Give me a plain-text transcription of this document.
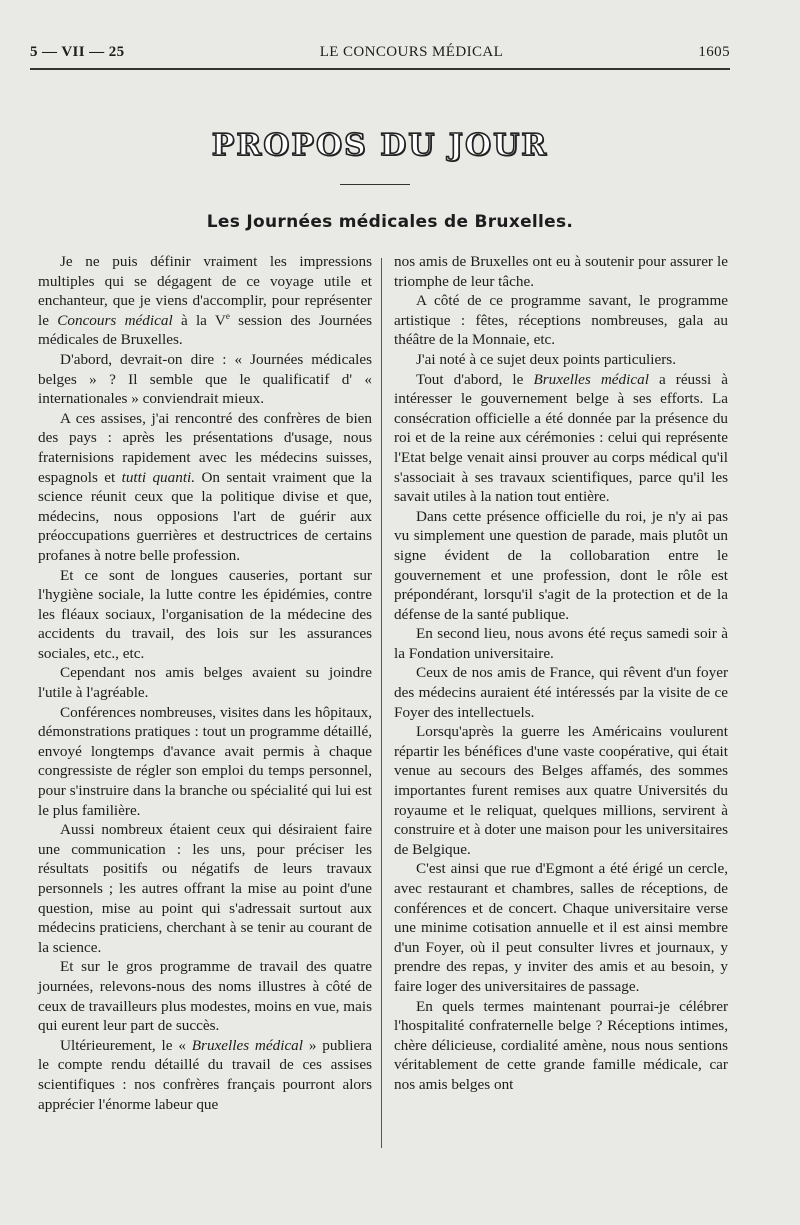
5 — VII — 25	LE CONCOURS MÉDICAL	1605
PROPOS DU JOUR
Les Journées médicales de Bruxelles.

Je ne puis définir vraiment les impressions multiples qui se dégagent de ce voyage utile et enchanteur, que je viens d'accomplir, pour représenter le Concours médical à la Ve session des Journées médicales de Bruxelles.

D'abord, devrait-on dire : « Journées médicales belges » ? Il semble que le qualificatif d' « internationales » conviendrait mieux.

A ces assises, j'ai rencontré des confrères de bien des pays : après les présentations d'usage, nous fraternisions rapidement avec les médecins suisses, espagnols et tutti quanti. On sentait vraiment que la science réunit ceux que la politique divise et que, médecins, nous opposions l'art de guérir aux préoccupations guerrières et destructrices de certains profanes à notre belle profession.

Et ce sont de longues causeries, portant sur l'hygiène sociale, la lutte contre les épidémies, contre les fléaux sociaux, l'organisation de la médecine des accidents du travail, des lois sur les assurances sociales, etc., etc.

Cependant nos amis belges avaient su joindre l'utile à l'agréable.

Conférences nombreuses, visites dans les hôpitaux, démonstrations pratiques : tout un programme détaillé, envoyé longtemps d'avance avait permis à chaque congressiste de régler son emploi du temps personnel, pour s'instruire dans la branche ou spécialité qui lui est le plus familière.

Aussi nombreux étaient ceux qui désiraient faire une communication : les uns, pour préciser les résultats positifs ou négatifs de leurs travaux personnels ; les autres offrant la mise au point d'une question, mise au point qui s'adressait surtout aux médecins praticiens, cherchant à se tenir au courant de la science.

Et sur le gros programme de travail des quatre journées, relevons-nous des noms illustres à côté de ceux de travailleurs plus modestes, moins en vue, mais qui eurent leur part de succès.

Ultérieurement, le « Bruxelles médical » publiera le compte rendu détaillé du travail de ces assises scientifiques : nos confrères français pourront alors apprécier l'énorme labeur que

nos amis de Bruxelles ont eu à soutenir pour assurer le triomphe de leur tâche.

A côté de ce programme savant, le programme artistique : fêtes, réceptions nombreuses, gala au théâtre de la Monnaie, etc.

J'ai noté à ce sujet deux points particuliers.

Tout d'abord, le Bruxelles médical a réussi à intéresser le gouvernement belge à ses efforts. La consécration officielle a été donnée par la présence du roi et de la reine aux cérémonies : celui qui représente l'Etat belge venait ainsi prouver au corps médical qu'il s'associait à ses travaux scientifiques, parce qu'il les savait utiles à la nation tout entière.

Dans cette présence officielle du roi, je n'y ai pas vu simplement une question de parade, mais plutôt un signe évident de la collobaration entre le gouvernement et une profession, dont le rôle est prépondérant, lorsqu'il s'agit de la protection et de la défense de la santé publique.

En second lieu, nous avons été reçus samedi soir à la Fondation universitaire.

Ceux de nos amis de France, qui rêvent d'un foyer des médecins auraient été intéressés par la visite de ce Foyer des intellectuels.

Lorsqu'après la guerre les Américains voulurent répartir les bénéfices d'une vaste coopérative, qui était venue au secours des Belges affamés, des sommes importantes furent remises aux quatre Universités du royaume et le reliquat, quelques millions, servirent à construire et à doter une maison pour les universitaires de Belgique.

C'est ainsi que rue d'Egmont a été érigé un cercle, avec restaurant et chambres, salles de réceptions, de conférences et de concert. Chaque universitaire verse une minime cotisation annuelle et il est ainsi membre d'un Foyer, où il peut consulter livres et journaux, y prendre des repas, y inviter des amis et au besoin, y faire loger des universitaires de passage.

En quels termes maintenant pourrai-je célébrer l'hospitalité confraternelle belge ? Réceptions intimes, chère délicieuse, cordialité amène, nous nous sentions véritablement de cette grande famille médicale, car nos amis belges ont
